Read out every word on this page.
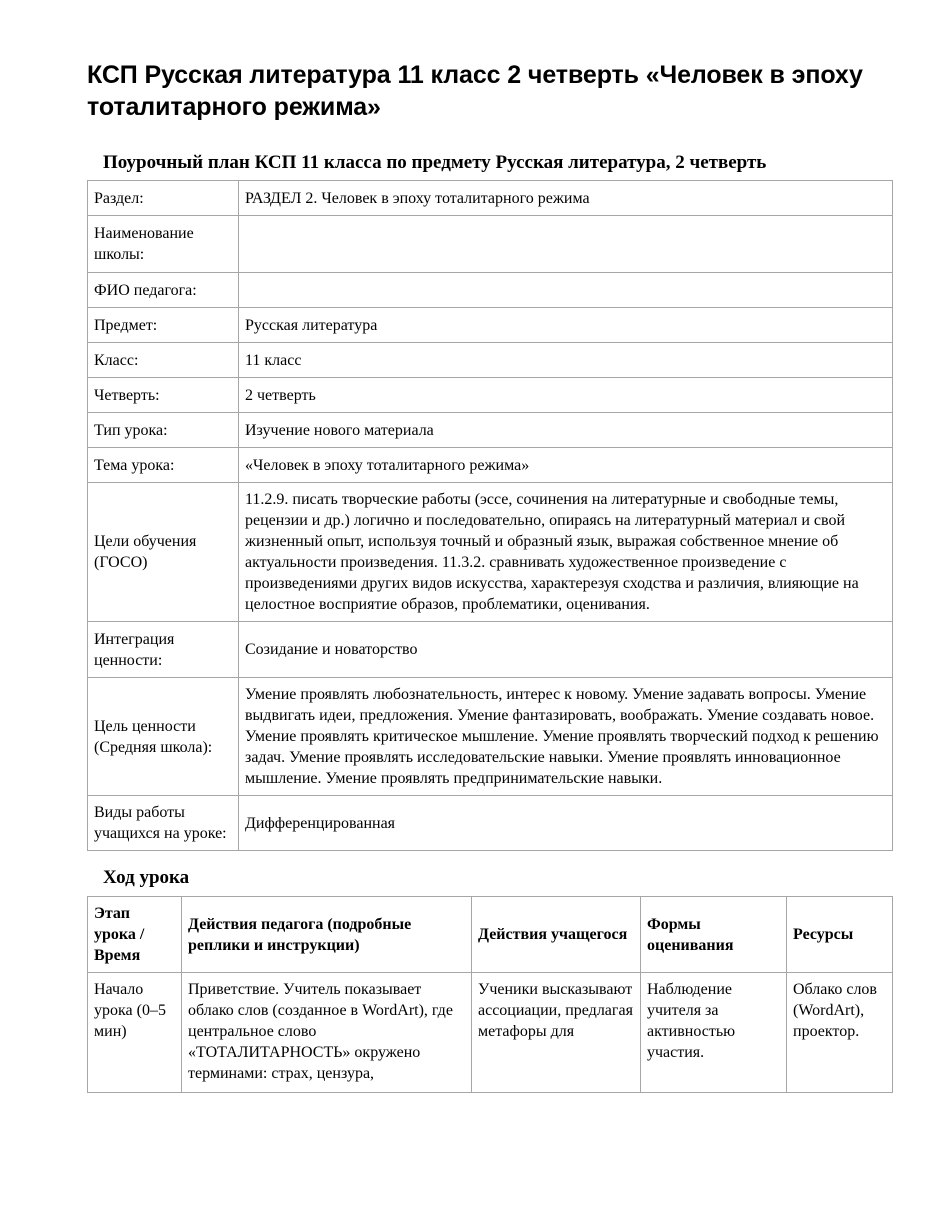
КСП Русская литература 11 класс 2 четверть «Человек в эпоху тоталитарного режима»
Поурочный план КСП 11 класса по предмету Русская литература, 2 четверть
Раздел:	РАЗДЕЛ 2. Человек в эпоху тоталитарного режима
Наименование школы:	
ФИО педагога:	
Предмет:	Русская литература
Класс:	11 класс
Четверть:	2 четверть
Тип урока:	Изучение нового материала
Тема урока:	«Человек в эпоху тоталитарного режима»
Цели обучения (ГОСО)	11.2.9. писать творческие работы (эссе, сочинения на литературные и свободные темы, рецензии и др.) логично и последовательно, опираясь на литературный материал и свой жизненный опыт, используя точный и образный язык, выражая собственное мнение об актуальности произведения. 11.3.2. сравнивать художественное произведение с произведениями других видов искусства, характерезуя сходства и различия, влияющие на целостное восприятие образов, проблематики, оценивания.
Интеграция ценности:	Созидание и новаторство
Цель ценности (Средняя школа):	Умение проявлять любознательность, интерес к новому. Умение задавать вопросы. Умение выдвигать идеи, предложения. Умение фантазировать, воображать. Умение создавать новое. Умение проявлять критическое мышление. Умение проявлять творческий подход к решению задач. Умение проявлять исследовательские навыки. Умение проявлять инновационное мышление. Умение проявлять предпринимательские навыки.
Виды работы учащихся на уроке:	Дифференцированная
Ход урока
Этап урока / Время	Действия педагога (подробные реплики и инструкции)	Действия учащегося	Формы оценивания	Ресурсы

Начало урока (0–5 мин)	Приветствие. Учитель показывает облако слов (созданное в WordArt), где центральное слово «ТОТАЛИТАРНОСТЬ» окружено терминами: страх, цензура,	Ученики высказывают ассоциации, предлагая метафоры для	Наблюдение учителя за активностью участия.	Облако слов (WordArt), проектор.
